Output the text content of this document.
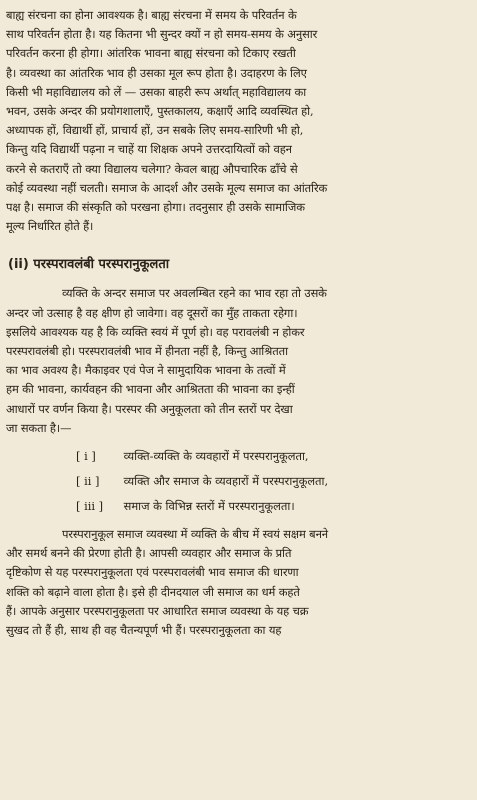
बाह्य संरचना का होना आवश्यक है। बाह्य संरचना में समय के परिवर्तन के
साथ परिवर्तन होता है। यह कितना भी सुन्दर क्यों न हो समय-समय के अनुसार
परिवर्तन करना ही होगा। आंतरिक भावना बाह्य संरचना को टिकाए रखती
है। व्यवस्था का आंतरिक भाव ही उसका मूल रूप होता है। उदाहरण के लिए
किसी भी महाविद्यालय को लें — उसका बाहरी रूप अर्थात् महाविद्यालय का
भवन, उसके अन्दर की प्रयोगशालाएँ, पुस्तकालय, कक्षाएँ आदि व्यवस्थित हो,
अध्यापक हों, विद्यार्थी हों, प्राचार्य हों, उन सबके लिए समय-सारिणी भी हो,
किन्तु यदि विद्यार्थी पढ़ना न चाहें या शिक्षक अपने उत्तरदायित्वों को वहन
करने से कतराएँ तो क्या विद्यालय चलेगा? केवल बाह्य औपचारिक ढाँचे से
कोई व्यवस्था नहीं चलती। समाज के आदर्श और उसके मूल्य समाज का आंतरिक
पक्ष है। समाज की संस्कृति को परखना होगा। तदनुसार ही उसके सामाजिक
मूल्य निर्धारित होते हैं।
(ii) परस्परावलंबी परस्परानुकूलता
व्यक्ति के अन्दर समाज पर अवलम्बित रहने का भाव रहा तो उसके
अन्दर जो उत्साह है वह क्षीण हो जावेगा। वह दूसरों का मुँह ताकता रहेगा।
इसलिये आवश्यक यह है कि व्यक्ति स्वयं में पूर्ण हो। वह परावलंबी न होकर
परस्परावलंबी हो। परस्परावलंबी भाव में हीनता नहीं है, किन्तु आश्रितता
का भाव अवश्य है। मैकाइवर एवं पेज ने सामुदायिक भावना के तत्वों में
हम की भावना, कार्यवहन की भावना और आश्रितता की भावना का इन्हीं
आधारों पर वर्णन किया है। परस्पर की अनुकूलता को तीन स्तरों पर देखा
जा सकता है।—
[ i ] व्यक्ति-व्यक्ति के व्यवहारों में परस्परानुकूलता,
[ ii ] व्यक्ति और समाज के व्यवहारों में परस्परानुकूलता,
[ iii ] समाज के विभिन्न स्तरों में परस्परानुकूलता।
परस्परानुकूल समाज व्यवस्था में व्यक्ति के बीच में स्वयं सक्षम बनने
और समर्थ बनने की प्रेरणा होती है। आपसी व्यवहार और समाज के प्रति
दृष्टिकोण से यह परस्परानुकूलता एवं परस्परावलंबी भाव समाज की धारणा
शक्ति को बढ़ाने वाला होता है। इसे ही दीनदयाल जी समाज का धर्म कहते
हैं। आपके अनुसार परस्परानुकूलता पर आधारित समाज व्यवस्था के यह चक्र
सुखद तो हैं ही, साथ ही वह चैतन्यपूर्ण भी हैं। परस्परानुकूलता का यह
